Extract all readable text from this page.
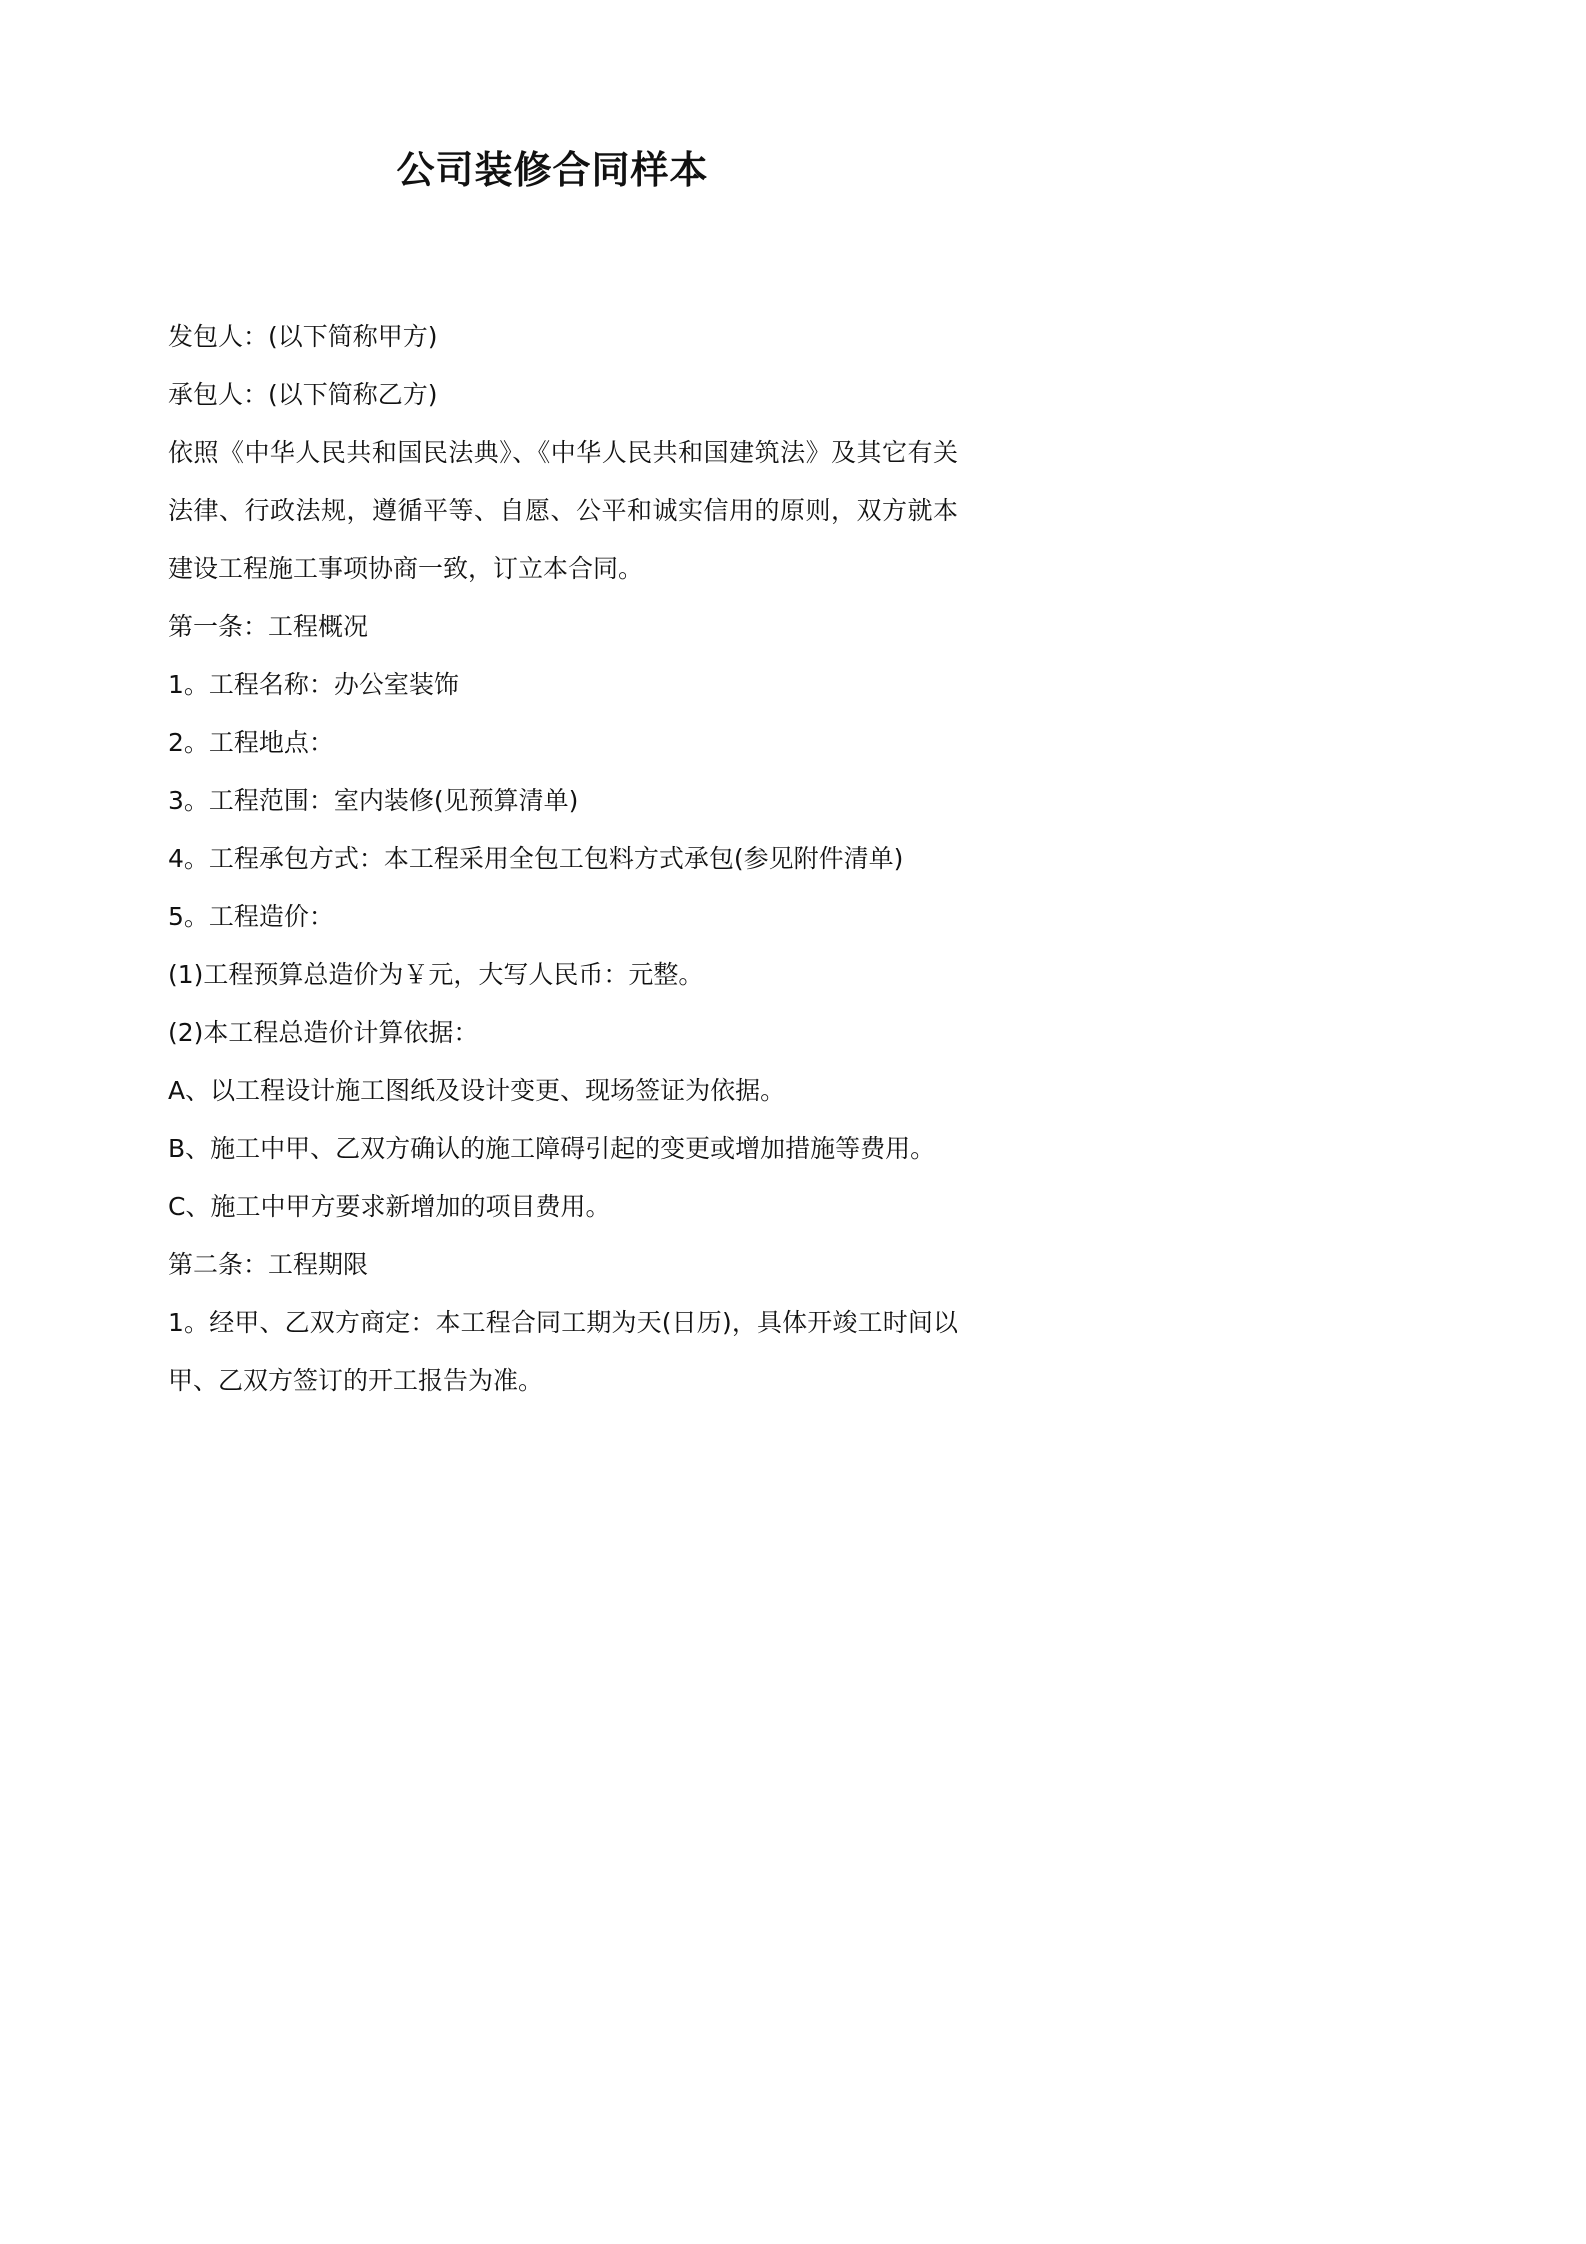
公司装修合同样本

发包人：(以下简称甲方)

承包人：(以下简称乙方)

依照《中华人民共和国民法典》、《中华人民共和国建筑法》及其它有关法律、行政法规，遵循平等、自愿、公平和诚实信用的原则，双方就本建设工程施工事项协商一致，订立本合同。

第一条：工程概况

1。工程名称：办公室装饰

2。工程地点：

3。工程范围：室内装修(见预算清单)

4。工程承包方式：本工程采用全包工包料方式承包(参见附件清单)

5。工程造价：

(1)工程预算总造价为￥元，大写人民币：元整。

(2)本工程总造价计算依据：

A、以工程设计施工图纸及设计变更、现场签证为依据。

B、施工中甲、乙双方确认的施工障碍引起的变更或增加措施等费用。

C、施工中甲方要求新增加的项目费用。

第二条：工程期限

1。经甲、乙双方商定：本工程合同工期为天(日历)，具体开竣工时间以甲、乙双方签订的开工报告为准。
